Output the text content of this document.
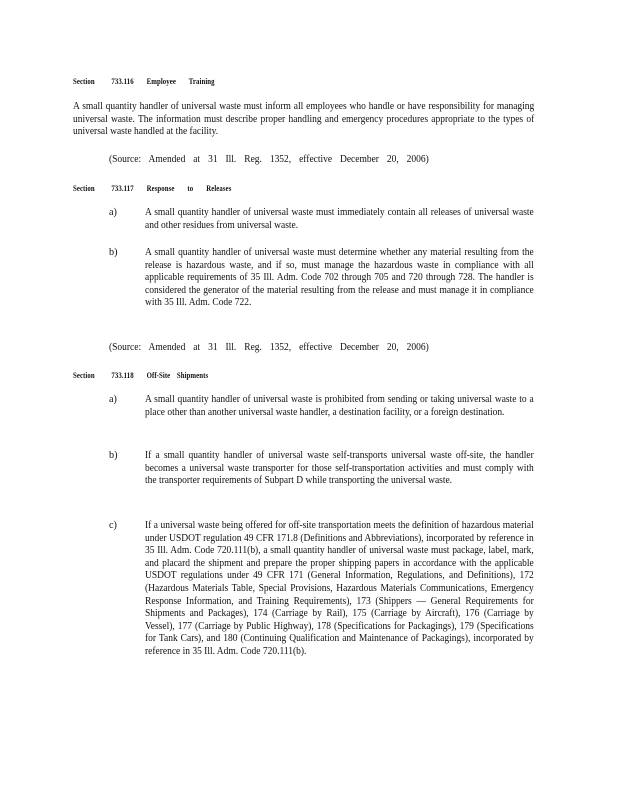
Section 733.116 Employee Training
A small quantity handler of universal waste must inform all employees who handle or have responsibility for managing universal waste. The information must describe proper handling and emergency procedures appropriate to the types of universal waste handled at the facility.
(Source: Amended at 31 Ill. Reg. 1352, effective December 20, 2006)
Section 733.117 Response to Releases
a)	A small quantity handler of universal waste must immediately contain all releases of universal waste and other residues from universal waste.
b)	A small quantity handler of universal waste must determine whether any material resulting from the release is hazardous waste, and if so, must manage the hazardous waste in compliance with all applicable requirements of 35 Ill. Adm. Code 702 through 705 and 720 through 728. The handler is considered the generator of the material resulting from the release and must manage it in compliance with 35 Ill. Adm. Code 722.
(Source: Amended at 31 Ill. Reg. 1352, effective December 20, 2006)
Section 733.118 Off-Site Shipments
a)	A small quantity handler of universal waste is prohibited from sending or taking universal waste to a place other than another universal waste handler, a destination facility, or a foreign destination.
b)	If a small quantity handler of universal waste self-transports universal waste off-site, the handler becomes a universal waste transporter for those self-transportation activities and must comply with the transporter requirements of Subpart D while transporting the universal waste.
c)	If a universal waste being offered for off-site transportation meets the definition of hazardous material under USDOT regulation 49 CFR 171.8 (Definitions and Abbreviations), incorporated by reference in 35 Ill. Adm. Code 720.111(b), a small quantity handler of universal waste must package, label, mark, and placard the shipment and prepare the proper shipping papers in accordance with the applicable USDOT regulations under 49 CFR 171 (General Information, Regulations, and Definitions), 172 (Hazardous Materials Table, Special Provisions, Hazardous Materials Communications, Emergency Response Information, and Training Requirements), 173 (Shippers — General Requirements for Shipments and Packages), 174 (Carriage by Rail), 175 (Carriage by Aircraft), 176 (Carriage by Vessel), 177 (Carriage by Public Highway), 178 (Specifications for Packagings), 179 (Specifications for Tank Cars), and 180 (Continuing Qualification and Maintenance of Packagings), incorporated by reference in 35 Ill. Adm. Code 720.111(b).
